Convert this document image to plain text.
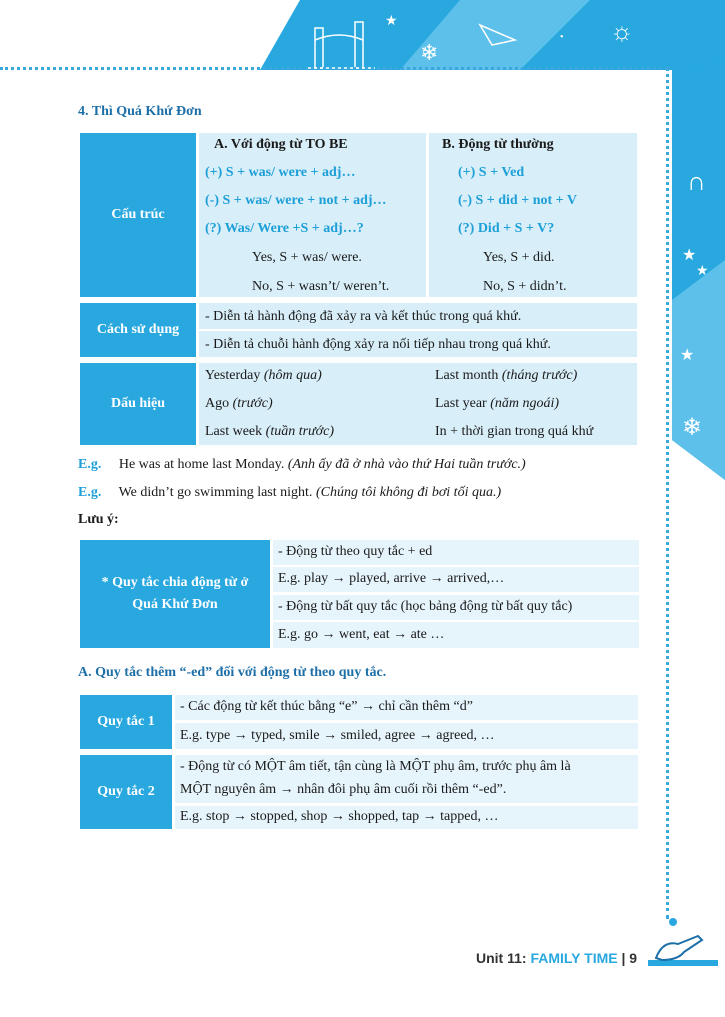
★
❄
☼
•
∩
★
★
★
❄
4. Thì Quá Khứ Đơn
Cấu trúc
A. Với động từ TO BE	B. Động từ thường
(+) S + was/ were + adj…
(-) S + was/ were + not + adj…
(?) Was/ Were +S + adj…?
Yes, S + was/ were.
No, S + wasn’t/ weren’t.
(+) S + Ved
(-) S + did + not + V
(?) Did + S + V?
Yes, S + did.
No, S + didn’t.
Cách sử dụng
- Diễn tả hành động đã xảy ra và kết thúc trong quá khứ.
- Diễn tả chuỗi hành động xảy ra nối tiếp nhau trong quá khứ.
Dấu hiệu
Yesterday (hôm qua)
Ago (trước)
Last week (tuần trước)
Last month (tháng trước)
Last year (năm ngoái)
In + thời gian trong quá khứ
E.g. He was at home last Monday. (Anh ấy đã ở nhà vào thứ Hai tuần trước.)
E.g. We didn’t go swimming last night. (Chúng tôi không đi bơi tối qua.)
Lưu ý:
* Quy tắc chia động từ ở Quá Khứ Đơn
- Động từ theo quy tắc + ed
E.g. play → played, arrive → arrived,…
- Động từ bất quy tắc (học bảng động từ bất quy tắc)
E.g. go → went, eat → ate …
A. Quy tắc thêm “-ed” đối với động từ theo quy tắc.
Quy tắc 1
- Các động từ kết thúc bằng “e” → chỉ cần thêm “d”
E.g. type → typed, smile → smiled, agree → agreed, …
Quy tắc 2
- Động từ có MỘT âm tiết, tận cùng là MỘT phụ âm, trước phụ âm là
MỘT nguyên âm → nhân đôi phụ âm cuối rồi thêm “-ed”.
E.g. stop → stopped, shop → shopped, tap → tapped, …
Unit 11: FAMILY TIME | 9
